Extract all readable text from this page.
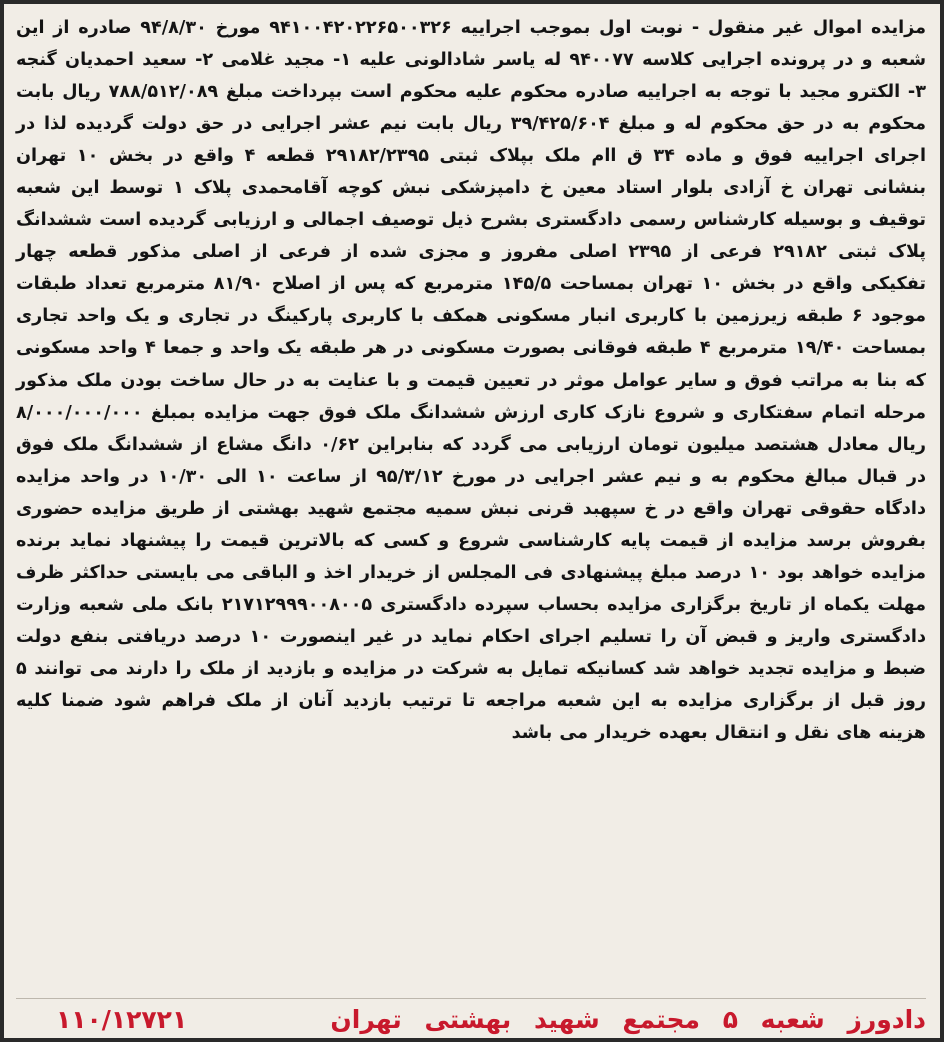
مزایده اموال غیر منقول - نوبت اول بموجب اجراییه ۹۴۱۰۰۴۲۰۲۲۶۵۰۰۳۲۶ مورخ ۹۴/۸/۳۰ صادره از این شعبه و در پرونده اجرایی کلاسه ۹۴۰۰۷۷ له یاسر شادالونی علیه ۱- مجید غلامی ۲- سعید احمدیان گنجه ۳- الکترو مجید با توجه به اجراییه صادره محکوم علیه محکوم است بپرداخت مبلغ ۷۸۸/۵۱۲/۰۸۹ ریال بابت محکوم به در حق محکوم له و مبلغ ۳۹/۴۲۵/۶۰۴ ریال بابت نیم عشر اجرایی در حق دولت گردیده لذا در اجرای اجراییه فوق و ماده ۳۴ ق اام ملک بپلاک ثبتی ۲۹۱۸۲/۲۳۹۵ قطعه ۴ واقع در بخش ۱۰ تهران بنشانی تهران خ آزادی بلوار استاد معین خ دامپزشکی نبش کوچه آقامحمدی پلاک ۱ توسط این شعبه توقیف و بوسیله کارشناس رسمی دادگستری بشرح ذیل توصیف اجمالی و ارزیابی گردیده است ششدانگ پلاک ثبتی ۲۹۱۸۲ فرعی از ۲۳۹۵ اصلی مفروز و مجزی شده از فرعی از اصلی مذکور قطعه چهار تفکیکی واقع در بخش ۱۰ تهران بمساحت ۱۴۵/۵ مترمربع که پس از اصلاح ۸۱/۹۰ مترمربع تعداد طبقات موجود ۶ طبقه زیرزمین با کاربری انبار مسکونی همکف با کاربری پارکینگ در تجاری و یک واحد تجاری بمساحت ۱۹/۴۰ مترمربع ۴ طبقه فوقانی بصورت مسکونی در هر طبقه یک واحد و جمعا ۴ واحد مسکونی که بنا به مراتب فوق و سایر عوامل موثر در تعیین قیمت و با عنایت به در حال ساخت بودن ملک مذکور مرحله اتمام سفتکاری و شروع نازک کاری ارزش ششدانگ ملک فوق جهت مزایده بمبلغ ۸/۰۰۰/۰۰۰/۰۰۰ ریال معادل هشتصد میلیون تومان ارزیابی می گردد که بنابراین ۰/۶۲ دانگ مشاع از ششدانگ ملک فوق در قبال مبالغ محکوم به و نیم عشر اجرایی در مورخ ۹۵/۳/۱۲ از ساعت ۱۰ الی ۱۰/۳۰ در واحد مزایده دادگاه حقوقی تهران واقع در خ سپهبد قرنی نبش سمیه مجتمع شهید بهشتی از طریق مزایده حضوری بفروش برسد مزایده از قیمت پایه کارشناسی شروع و کسی که بالاترین قیمت را پیشنهاد نماید برنده مزایده خواهد بود ۱۰ درصد مبلغ پیشنهادی فی المجلس از خریدار اخذ و الباقی می بایستی حداکثر ظرف مهلت یکماه از تاریخ برگزاری مزایده بحساب سپرده دادگستری ۲۱۷۱۲۹۹۹۰۰۸۰۰۵ بانک ملی شعبه وزارت دادگستری واریز و قبض آن را تسلیم اجرای احکام نماید در غیر اینصورت ۱۰ درصد دریافتی بنفع دولت ضبط و مزایده تجدید خواهد شد کسانیکه تمایل به شرکت در مزایده و بازدید از ملک را دارند می توانند ۵ روز قبل از برگزاری مزایده به این شعبه مراجعه تا ترتیب بازدید آنان از ملک فراهم شود ضمنا کلیه هزینه های نقل و انتقال بعهده خریدار می باشد

دادورز شعبه ۵ مجتمع شهید بهشتی تهران
۱۱۰/۱۲۷۲۱
